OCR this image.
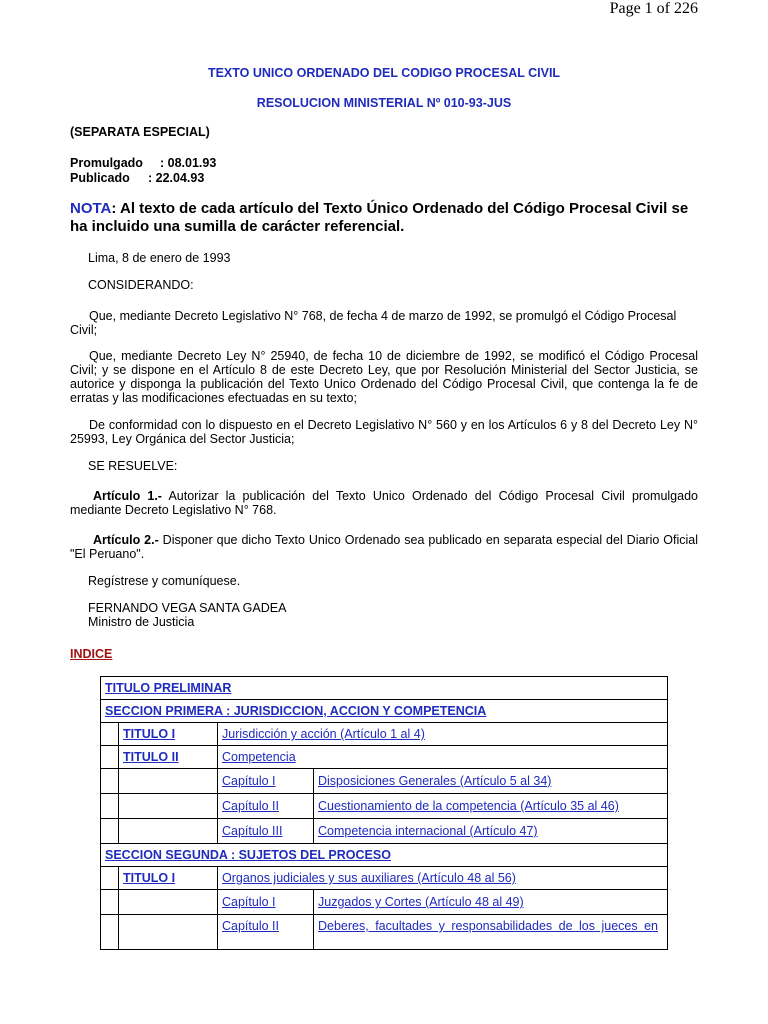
Page 1 of 226
TEXTO UNICO ORDENADO DEL CODIGO PROCESAL CIVIL
RESOLUCION MINISTERIAL Nº 010-93-JUS
(SEPARATA ESPECIAL)
Promulgado	: 08.01.93
Publicado	: 22.04.93
NOTA: Al texto de cada artículo del Texto Único Ordenado del Código Procesal Civil se ha incluido una sumilla de carácter referencial.
Lima, 8 de enero de 1993
CONSIDERANDO:
Que, mediante Decreto Legislativo N° 768, de fecha 4 de marzo de 1992, se promulgó el Código Procesal Civil;
Que, mediante Decreto Ley N° 25940, de fecha 10 de diciembre de 1992, se modificó el Código Procesal Civil; y se dispone en el Artículo 8 de este Decreto Ley, que por Resolución Ministerial del Sector Justicia, se autorice y disponga la publicación del Texto Unico Ordenado del Código Procesal Civil, que contenga la fe de erratas y las modificaciones efectuadas en su texto;
De conformidad con lo dispuesto en el Decreto Legislativo N° 560 y en los Artículos 6 y 8 del Decreto Ley N° 25993, Ley Orgánica del Sector Justicia;
SE RESUELVE:
Artículo 1.- Autorizar la publicación del Texto Unico Ordenado del Código Procesal Civil promulgado mediante Decreto Legislativo N° 768.
Artículo 2.- Disponer que dicho Texto Unico Ordenado sea publicado en separata especial del Diario Oficial "El Peruano".
Regístrese y comuníquese.
FERNANDO VEGA SANTA GADEA
Ministro de Justicia
INDICE
TITULO PRELIMINAR			
SECCION PRIMERA : JURISDICCION, ACCION Y COMPETENCIA			
	TITULO I	Jurisdicción y acción (Artículo 1 al 4)	
	TITULO II	Competencia	
		Capítulo I	Disposiciones Generales (Artículo 5 al 34)
		Capítulo II	Cuestionamiento de la competencia (Artículo 35 al 46)
		Capítulo III	Competencia internacional (Artículo 47)
SECCION SEGUNDA : SUJETOS DEL PROCESO			
	TITULO I	Organos judiciales y sus auxiliares (Artículo 48 al 56)	
		Capítulo I	Juzgados y Cortes (Artículo 48 al 49)
		Capítulo II	Deberes, facultades y responsabilidades de los jueces en
